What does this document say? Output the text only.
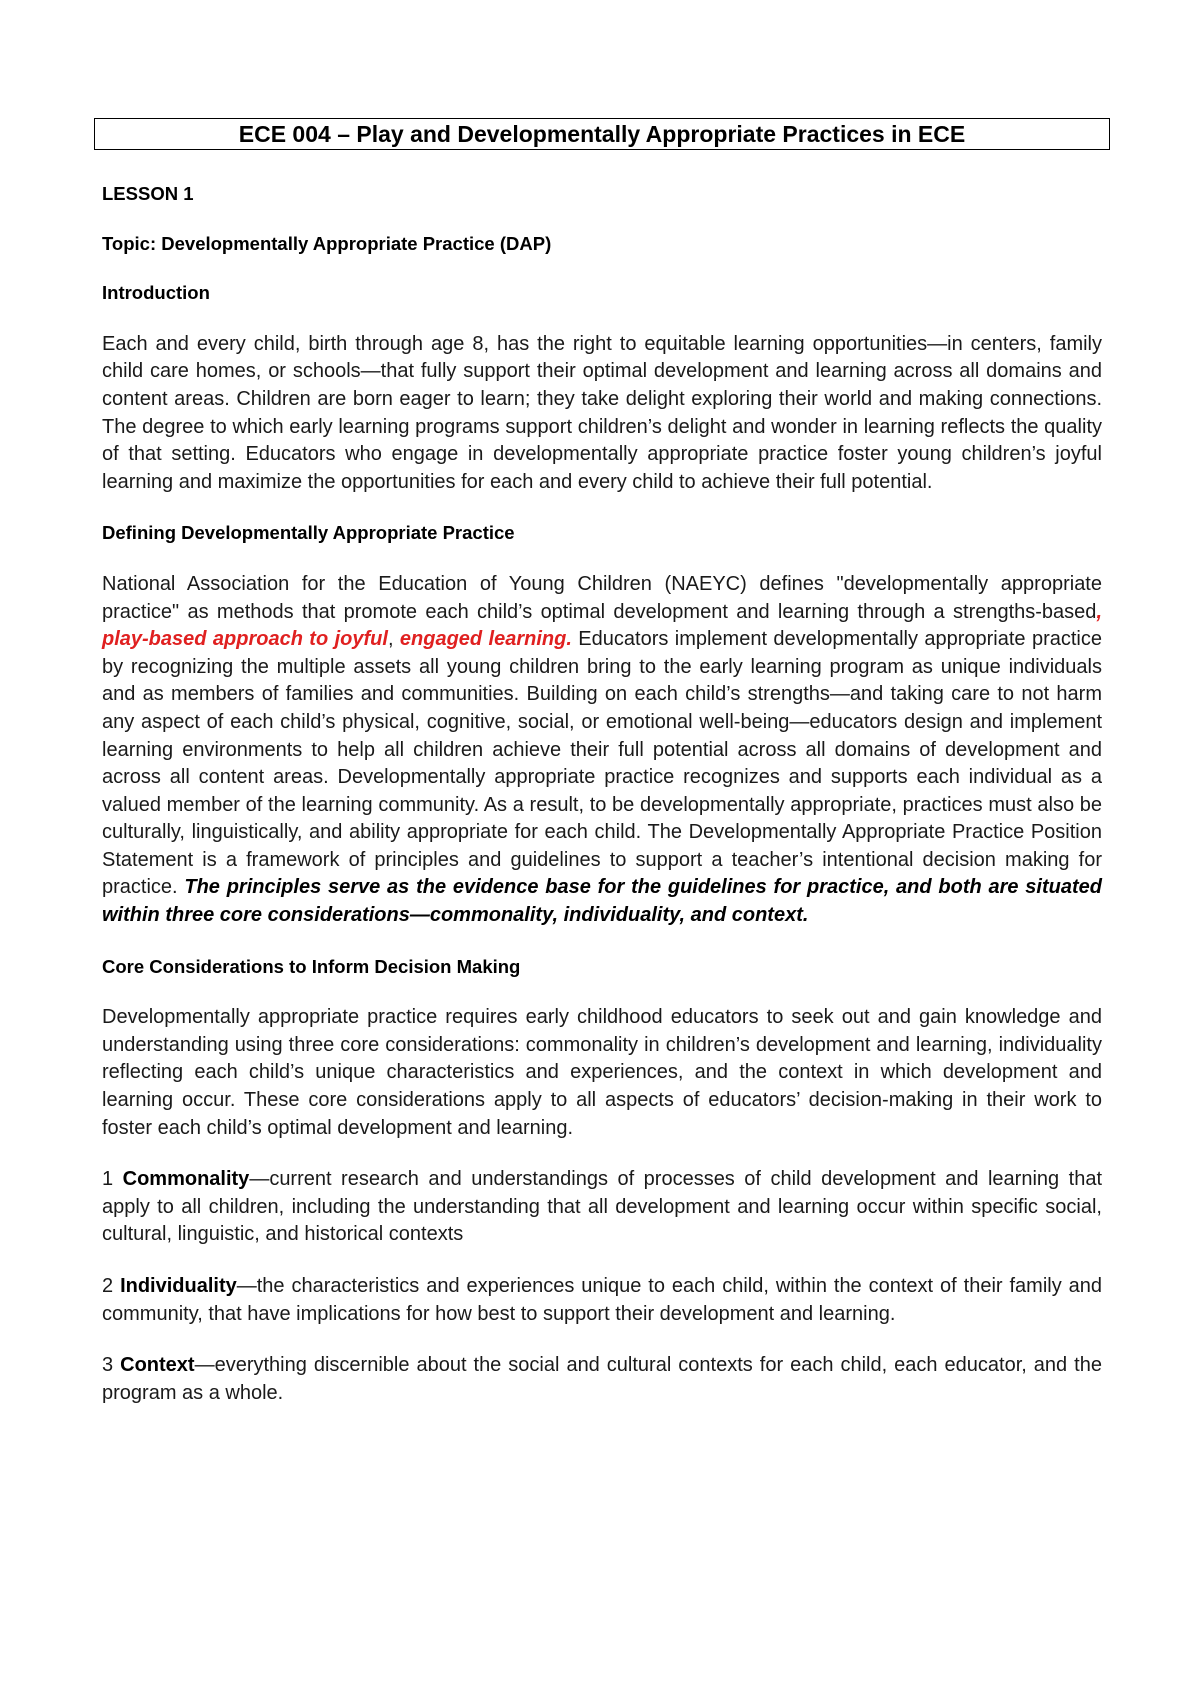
ECE 004 – Play and Developmentally Appropriate Practices in ECE

LESSON 1

Topic: Developmentally Appropriate Practice (DAP)

Introduction

Each and every child, birth through age 8, has the right to equitable learning opportunities—in centers, family child care homes, or schools—that fully support their optimal development and learning across all domains and content areas. Children are born eager to learn; they take delight exploring their world and making connections. The degree to which early learning programs support children’s delight and wonder in learning reflects the quality of that setting. Educators who engage in developmentally appropriate practice foster young children’s joyful learning and maximize the opportunities for each and every child to achieve their full potential.

Defining Developmentally Appropriate Practice

National Association for the Education of Young Children (NAEYC) defines "developmentally appropriate practice" as methods that promote each child’s optimal development and learning through a strengths-based, play-based approach to joyful, engaged learning. Educators implement developmentally appropriate practice by recognizing the multiple assets all young children bring to the early learning program as unique individuals and as members of families and communities. Building on each child’s strengths—and taking care to not harm any aspect of each child’s physical, cognitive, social, or emotional well-being—educators design and implement learning environments to help all children achieve their full potential across all domains of development and across all content areas. Developmentally appropriate practice recognizes and supports each individual as a valued member of the learning community. As a result, to be developmentally appropriate, practices must also be culturally, linguistically, and ability appropriate for each child. The Developmentally Appropriate Practice Position Statement is a framework of principles and guidelines to support a teacher’s intentional decision making for practice. The principles serve as the evidence base for the guidelines for practice, and both are situated within three core considerations—commonality, individuality, and context.

Core Considerations to Inform Decision Making

Developmentally appropriate practice requires early childhood educators to seek out and gain knowledge and understanding using three core considerations: commonality in children’s development and learning, individuality reflecting each child’s unique characteristics and experiences, and the context in which development and learning occur. These core considerations apply to all aspects of educators’ decision-making in their work to foster each child’s optimal development and learning.

1 Commonality—current research and understandings of processes of child development and learning that apply to all children, including the understanding that all development and learning occur within specific social, cultural, linguistic, and historical contexts

2 Individuality—the characteristics and experiences unique to each child, within the context of their family and community, that have implications for how best to support their development and learning.

3 Context—everything discernible about the social and cultural contexts for each child, each educator, and the program as a whole.
